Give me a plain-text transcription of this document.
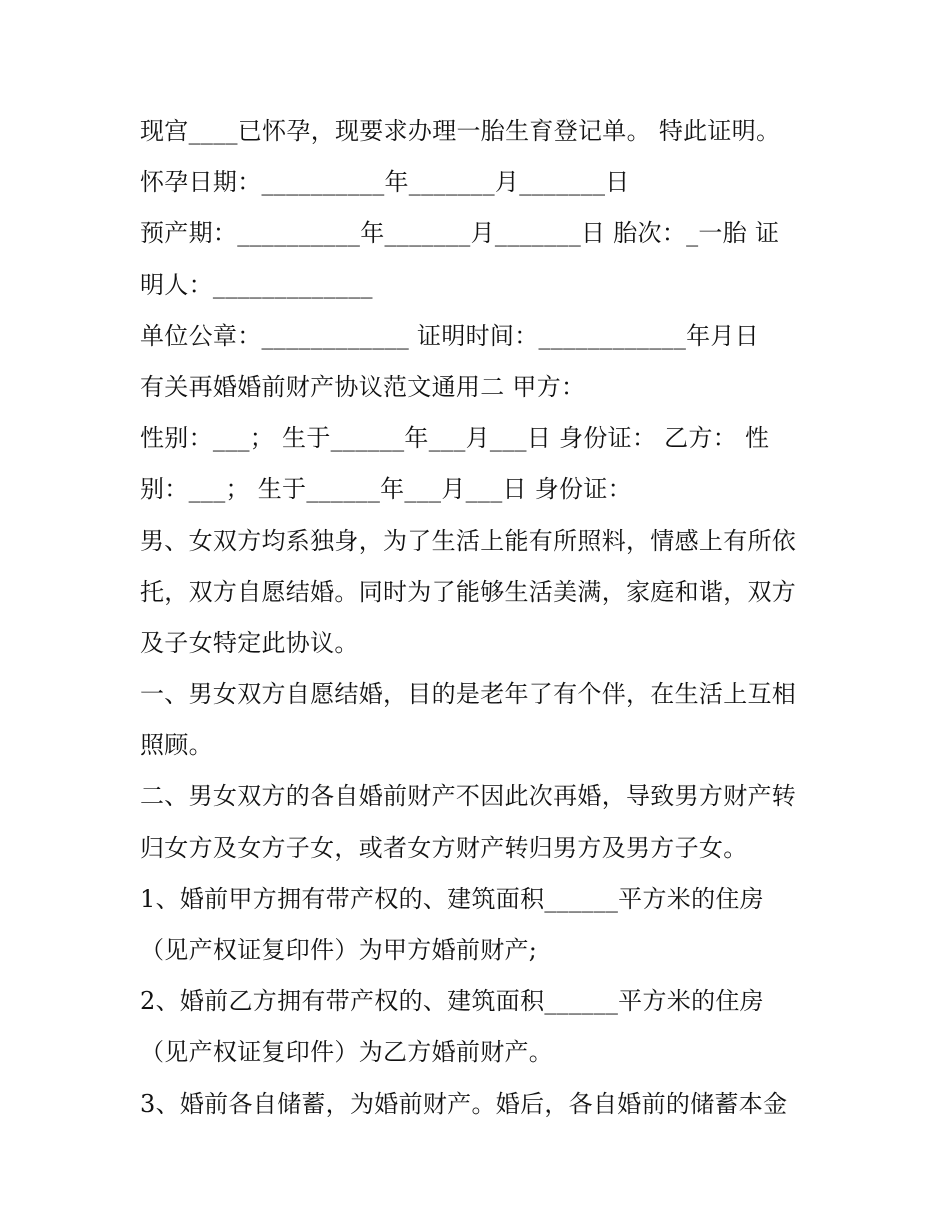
现宫____已怀孕，现要求办理一胎生育登记单。 特此证明。
怀孕日期：__________年_______月_______日
预产期：__________年_______月_______日 胎次：_一胎 证
明人：_____________
单位公章：____________ 证明时间：____________年月日
有关再婚婚前财产协议范文通用二 甲方：
性别：___； 生于______年___月___日 身份证： 乙方： 性
别：___； 生于______年___月___日 身份证：
男、女双方均系独身，为了生活上能有所照料，情感上有所依
托，双方自愿结婚。同时为了能够生活美满，家庭和谐，双方
及子女特定此协议。
一、男女双方自愿结婚，目的是老年了有个伴，在生活上互相
照顾。
二、男女双方的各自婚前财产不因此次再婚，导致男方财产转
归女方及女方子女，或者女方财产转归男方及男方子女。
1、婚前甲方拥有带产权的、建筑面积______平方米的住房
（见产权证复印件）为甲方婚前财产;
2、婚前乙方拥有带产权的、建筑面积______平方米的住房
（见产权证复印件）为乙方婚前财产。
3、婚前各自储蓄，为婚前财产。婚后，各自婚前的储蓄本金
